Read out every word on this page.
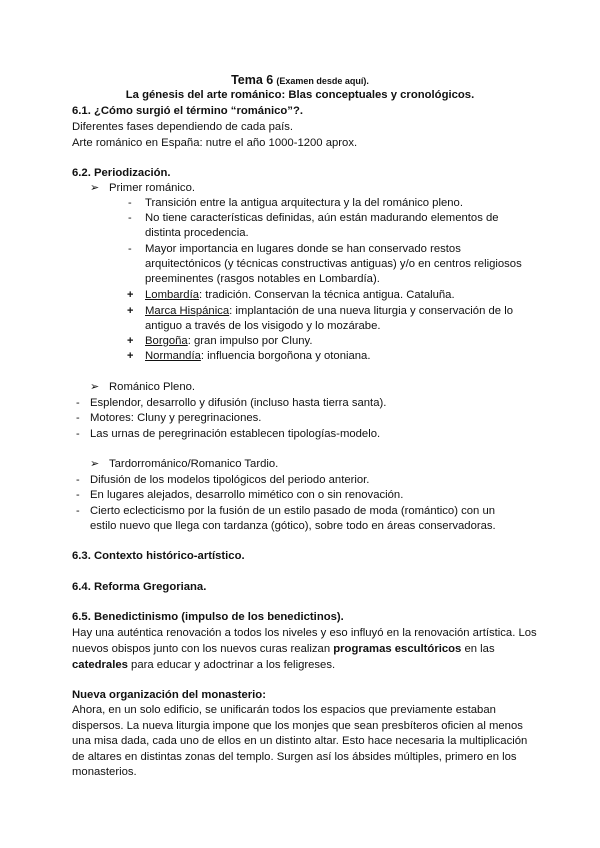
Tema 6 (Examen desde aquí).
La génesis del arte románico: Blas conceptuales y cronológicos.
6.1. ¿Cómo surgió el término “románico”?.
Diferentes fases dependiendo de cada país.
Arte románico en España: nutre el año 1000-1200 aprox.
6.2. Periodización.
➢ Primer románico.
- Transición entre la antigua arquitectura y la del románico pleno.
- No tiene características definidas, aún están madurando elementos de
distinta procedencia.
- Mayor importancia en lugares donde se han conservado restos
arquitectónicos (y técnicas constructivas antiguas) y/o en centros religiosos
preeminentes (rasgos notables en Lombardía).
+ Lombardía: tradición. Conservan la técnica antigua. Cataluña.
+ Marca Hispánica: implantación de una nueva liturgia y conservación de lo
antiguo a través de los visigodo y lo mozárabe.
+ Borgoña: gran impulso por Cluny.
+ Normandía: influencia borgoñona y otoniana.
➢ Románico Pleno.
- Esplendor, desarrollo y difusión (incluso hasta tierra santa).
- Motores: Cluny y peregrinaciones.
- Las urnas de peregrinación establecen tipologías-modelo.
➢ Tardorrománico/Romanico Tardio.
- Difusión de los modelos tipológicos del periodo anterior.
- En lugares alejados, desarrollo mimético con o sin renovación.
- Cierto eclecticismo por la fusión de un estilo pasado de moda (romántico) con un
estilo nuevo que llega con tardanza (gótico), sobre todo en áreas conservadoras.
6.3. Contexto histórico-artístico.
6.4. Reforma Gregoriana.
6.5. Benedictinismo (impulso de los benedictinos).
Hay una auténtica renovación a todos los niveles y eso influyó en la renovación artística. Los
nuevos obispos junto con los nuevos curas realizan programas escultóricos en las
catedrales para educar y adoctrinar a los feligreses.
Nueva organización del monasterio:
Ahora, en un solo edificio, se unificarán todos los espacios que previamente estaban
dispersos. La nueva liturgia impone que los monjes que sean presbíteros oficien al menos
una misa dada, cada uno de ellos en un distinto altar. Esto hace necesaria la multiplicación
de altares en distintas zonas del templo. Surgen así los ábsides múltiples, primero en los
monasterios.
